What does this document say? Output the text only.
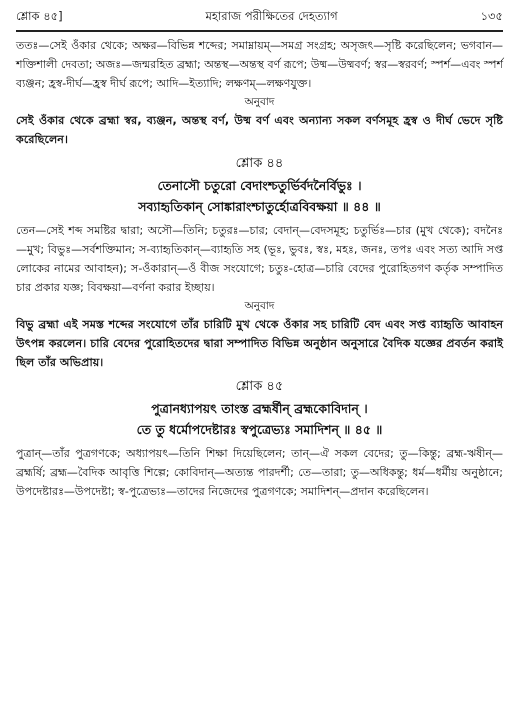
শ্লোক ৪৫]	মহারাজ পরীক্ষিতের দেহত্যাগ	১৩৫

ততঃ—সেই ওঁকার থেকে; অক্ষর—বিভিন্ন শব্দের; সমাম্নায়ম্—সমগ্র সংগ্রহ; অসৃজৎ—সৃষ্টি করেছিলেন; ভগবান—শক্তিশালী দেবতা; অজঃ—জন্মরহিত ব্রহ্মা; অন্তস্থ—অন্তস্থ বর্ণ রূপে; উষ্ম—উষ্মবর্ণ; স্বর—স্বরবর্ণ; স্পর্শ—এবং স্পর্শ ব্যঞ্জন; হ্রস্ব-দীর্ঘ—হ্রস্ব দীর্ঘ রূপে; আদি—ইত্যাদি; লক্ষণম্—লক্ষণযুক্ত।

অনুবাদ

সেই ওঁকার থেকে ব্রহ্মা স্বর, ব্যঞ্জন, অন্তস্থ বর্ণ, উষ্ম বর্ণ এবং অন্যান্য সকল বর্ণসমূহ হ্রস্ব ও দীর্ঘ ভেদে সৃষ্টি করেছিলেন।

শ্লোক ৪৪
তেনাসৌ চতুরো বেদাংশ্চতুর্ভির্বদনৈর্বিভুঃ ।
সব্যাহৃতিকান্ সোঙ্কারাংশ্চাতুর্হোত্রবিবক্ষয়া ॥ ৪৪ ॥

তেন—সেই শব্দ সমষ্টির দ্বারা; অসৌ—তিনি; চতুরঃ—চার; বেদান্—বেদসমূহ; চতুর্ভিঃ—চার (মুখ থেকে); বদনৈঃ—মুখ; বিভুঃ—সর্বশক্তিমান; স-ব্যাহৃতিকান্—ব্যাহৃতি সহ (ভূঃ, ভুবঃ, স্বঃ, মহঃ, জনঃ, তপঃ এবং সত্য আদি সপ্ত লোকের নামের আবাহন); স-ওঁকারান্—ওঁ বীজ সংযোগে; চতুঃ-হোত্র—চারি বেদের পুরোহিতগণ কর্তৃক সম্পাদিত চার প্রকার যজ্ঞ; বিবক্ষয়া—বর্ণনা করার ইচ্ছায়।

অনুবাদ

বিভু ব্রহ্মা এই সমস্ত শব্দের সংযোগে তাঁর চারিটি মুখ থেকে ওঁকার সহ চারিটি বেদ এবং সপ্ত ব্যাহৃতি আবাহন উৎপন্ন করলেন। চারি বেদের পুরোহিতদের দ্বারা সম্পাদিত বিভিন্ন অনুষ্ঠান অনুসারে বৈদিক যজ্ঞের প্রবর্তন করাই ছিল তাঁর অভিপ্রায়।

শ্লোক ৪৫
পুত্রানধ্যাপয়ৎ তাংস্ত ব্রহ্মর্ষীন্ ব্রহ্মকোবিদান্ ।
তে তু ধর্মোপদেষ্টারঃ স্বপুত্রেভ্যঃ সমাদিশন্ ॥ ৪৫ ॥

পুত্রান্—তাঁর পুত্রগণকে; অধ্যাপয়ৎ—তিনি শিক্ষা দিয়েছিলেন; তান্—ঐ সকল বেদের; তু—কিন্তু; ব্রহ্ম-ঋষীন্—ব্রহ্মর্ষি; ব্রহ্ম—বৈদিক আবৃত্তি শিল্পে; কোবিদান্—অত্যন্ত পারদর্শী; তে—তারা; তু—অধিকন্তু; ধর্ম—ধর্মীয় অনুষ্ঠানে; উপদেষ্টারঃ—উপদেষ্টা; স্ব-পুত্রেভ্যঃ—তাদের নিজেদের পুত্রগণকে; সমাদিশন্—প্রদান করেছিলেন।
